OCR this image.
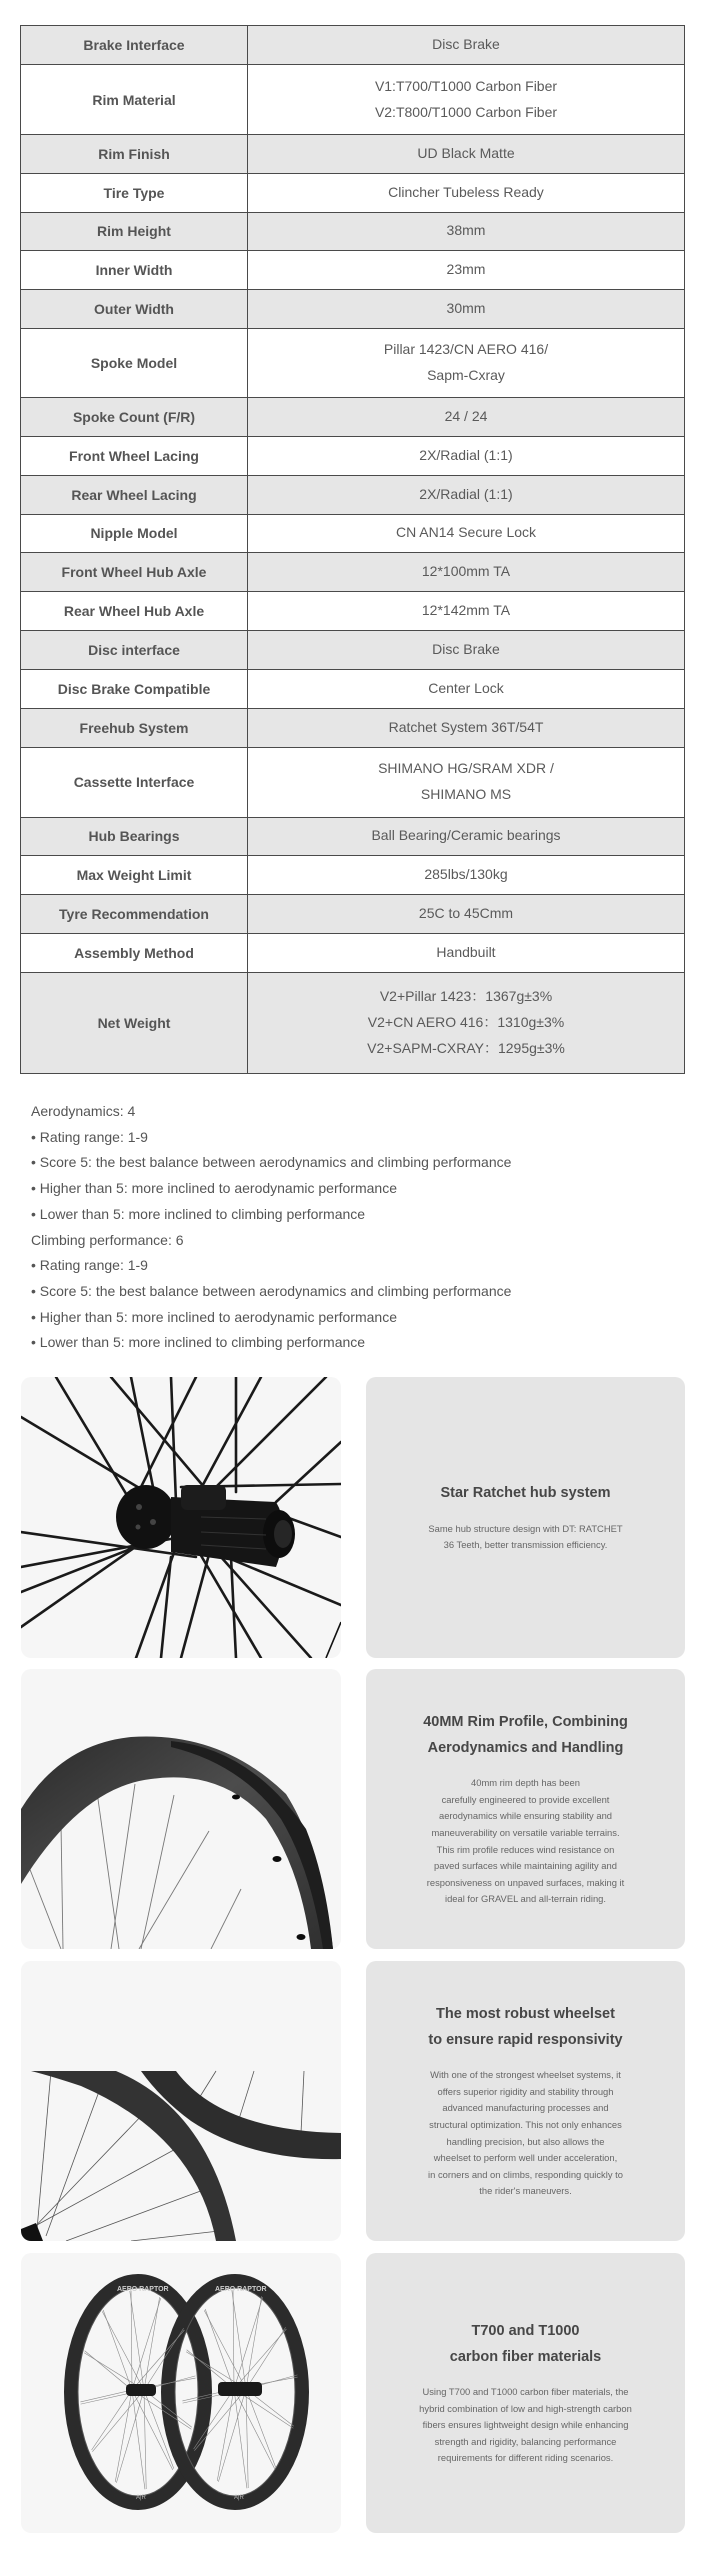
Brake Interface	Disc Brake

Rim Material	V1:T700/T1000 Carbon Fiber
V2:T800/T1000 Carbon Fiber

Rim Finish	UD Black Matte

Tire Type	Clincher Tubeless Ready

Rim Height	38mm

Inner Width	23mm

Outer Width	30mm

Spoke Model	Pillar 1423/CN AERO 416/
Sapm-Cxray

Spoke Count (F/R)	24 / 24

Front Wheel Lacing	2X/Radial (1:1)

Rear Wheel Lacing	2X/Radial (1:1)

Nipple Model	CN AN14 Secure Lock

Front Wheel Hub Axle	12*100mm TA

Rear Wheel Hub Axle	12*142mm TA

Disc interface	Disc Brake

Disc Brake Compatible	Center Lock

Freehub System	Ratchet System 36T/54T

Cassette Interface	SHIMANO HG/SRAM XDR /
SHIMANO MS

Hub Bearings	Ball Bearing/Ceramic bearings

Max Weight Limit	285lbs/130kg

Tyre Recommendation	25C to 45Cmm

Assembly Method	Handbuilt

Net Weight	V2+Pillar 1423：1367g±3%
V2+CN AERO 416：1310g±3%
V2+SAPM-CXRAY：1295g±3%
Aerodynamics: 4
• Rating range: 1-9
• Score 5: the best balance between aerodynamics and climbing performance
• Higher than 5: more inclined to aerodynamic performance
• Lower than 5: more inclined to climbing performance
Climbing performance: 6
• Rating range: 1-9
• Score 5: the best balance between aerodynamics and climbing performance
• Higher than 5: more inclined to aerodynamic performance
• Lower than 5: more inclined to climbing performance
Star Ratchet hub system
Same hub structure design with DT: RATCHET
36 Teeth, better transmission efficiency.
40MM Rim Profile, Combining
Aerodynamics and Handling
40mm rim depth has been
carefully engineered to provide excellent
aerodynamics while ensuring stability and
maneuverability on versatile variable terrains.
This rim profile reduces wind resistance on
paved surfaces while maintaining agility and
responsiveness on unpaved surfaces, making it
ideal for GRAVEL and all-terrain riding.
The most robust wheelset
to ensure rapid responsivity
With one of the strongest wheelset systems, it
offers superior rigidity and stability through
advanced manufacturing processes and
structural optimization. This not only enhances
handling precision, but also allows the
wheelset to perform well under acceleration,
in corners and on climbs, responding quickly to
the rider's maneuvers.
AERO RAPTOR	AERO RAPTOR
A|R	A|R
T700 and T1000
carbon fiber materials
Using T700 and T1000 carbon fiber materials, the
hybrid combination of low and high-strength carbon
fibers ensures lightweight design while enhancing
strength and rigidity, balancing performance
requirements for different riding scenarios.
